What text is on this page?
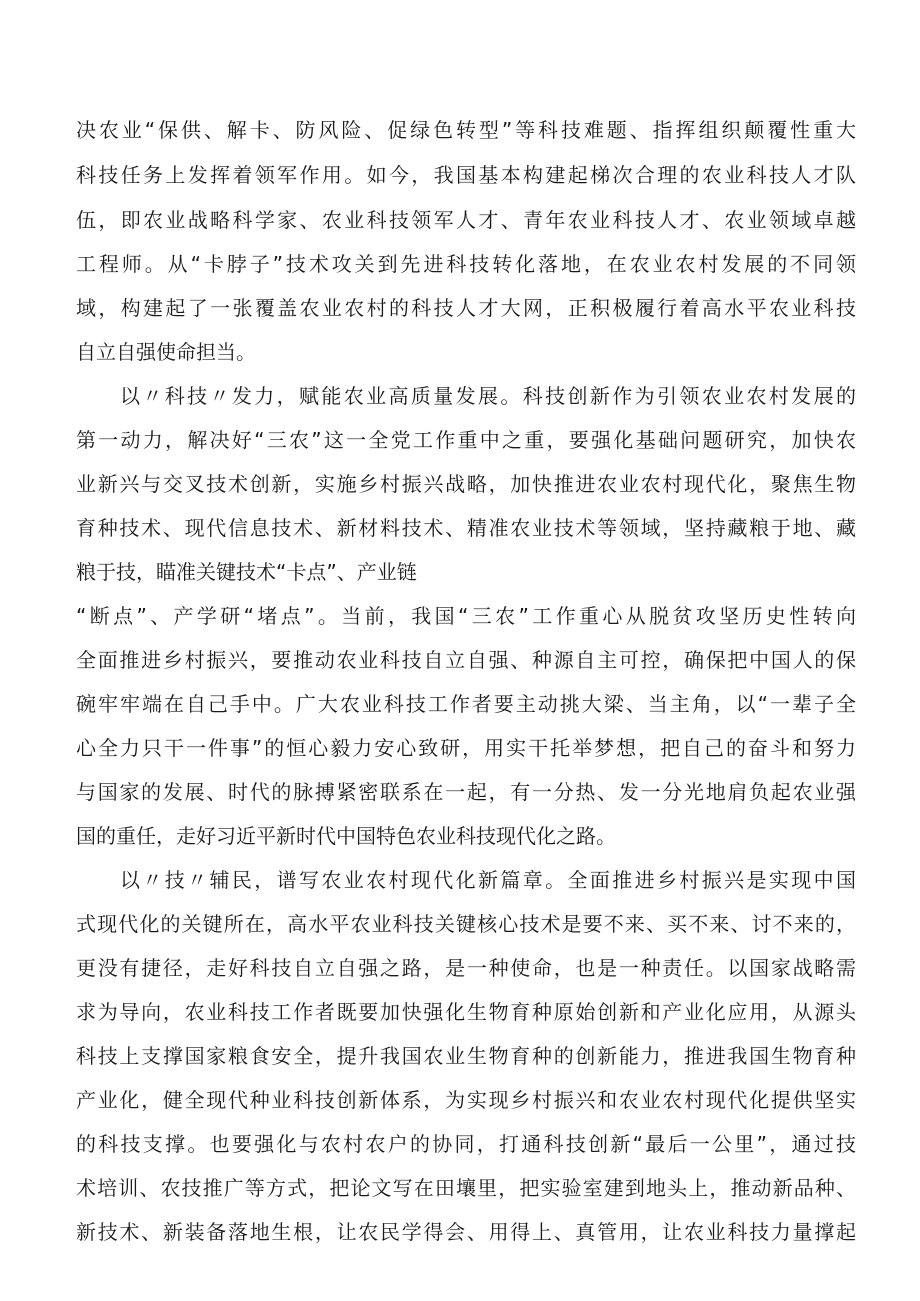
决农业“保供、解卡、防风险、促绿色转型”等科技难题、指挥组织颠覆性重大
科技任务上发挥着领军作用。如今，我国基本构建起梯次合理的农业科技人才队
伍，即农业战略科学家、农业科技领军人才、青年农业科技人才、农业领域卓越
工程师。从“卡脖子”技术攻关到先进科技转化落地，在农业农村发展的不同领
域，构建起了一张覆盖农业农村的科技人才大网，正积极履行着高水平农业科技
自立自强使命担当。
以〃科技〃发力，赋能农业高质量发展。科技创新作为引领农业农村发展的
第一动力，解决好“三农”这一全党工作重中之重，要强化基础问题研究，加快农
业新兴与交叉技术创新，实施乡村振兴战略，加快推进农业农村现代化，聚焦生物
育种技术、现代信息技术、新材料技术、精准农业技术等领域，坚持藏粮于地、藏
粮于技，瞄准关键技术“卡点”、产业链
“断点”、产学研“堵点”。当前，我国“三农”工作重心从脱贫攻坚历史性转向
全面推进乡村振兴，要推动农业科技自立自强、种源自主可控，确保把中国人的保
碗牢牢端在自己手中。广大农业科技工作者要主动挑大梁、当主角，以“一辈子全
心全力只干一件事”的恒心毅力安心致研，用实干托举梦想，把自己的奋斗和努力
与国家的发展、时代的脉搏紧密联系在一起，有一分热、发一分光地肩负起农业强
国的重任，走好习近平新时代中国特色农业科技现代化之路。
以〃技〃辅民，谱写农业农村现代化新篇章。全面推进乡村振兴是实现中国
式现代化的关键所在，高水平农业科技关键核心技术是要不来、买不来、讨不来的，
更没有捷径，走好科技自立自强之路，是一种使命，也是一种责任。以国家战略需
求为导向，农业科技工作者既要加快强化生物育种原始创新和产业化应用，从源头
科技上支撑国家粮食安全，提升我国农业生物育种的创新能力，推进我国生物育种
产业化，健全现代种业科技创新体系，为实现乡村振兴和农业农村现代化提供坚实
的科技支撑。也要强化与农村农户的协同，打通科技创新“最后一公里”，通过技
术培训、农技推广等方式，把论文写在田壤里，把实验室建到地头上，推动新品种、
新技术、新装备落地生根，让农民学得会、用得上、真管用，让农业科技力量撑起
